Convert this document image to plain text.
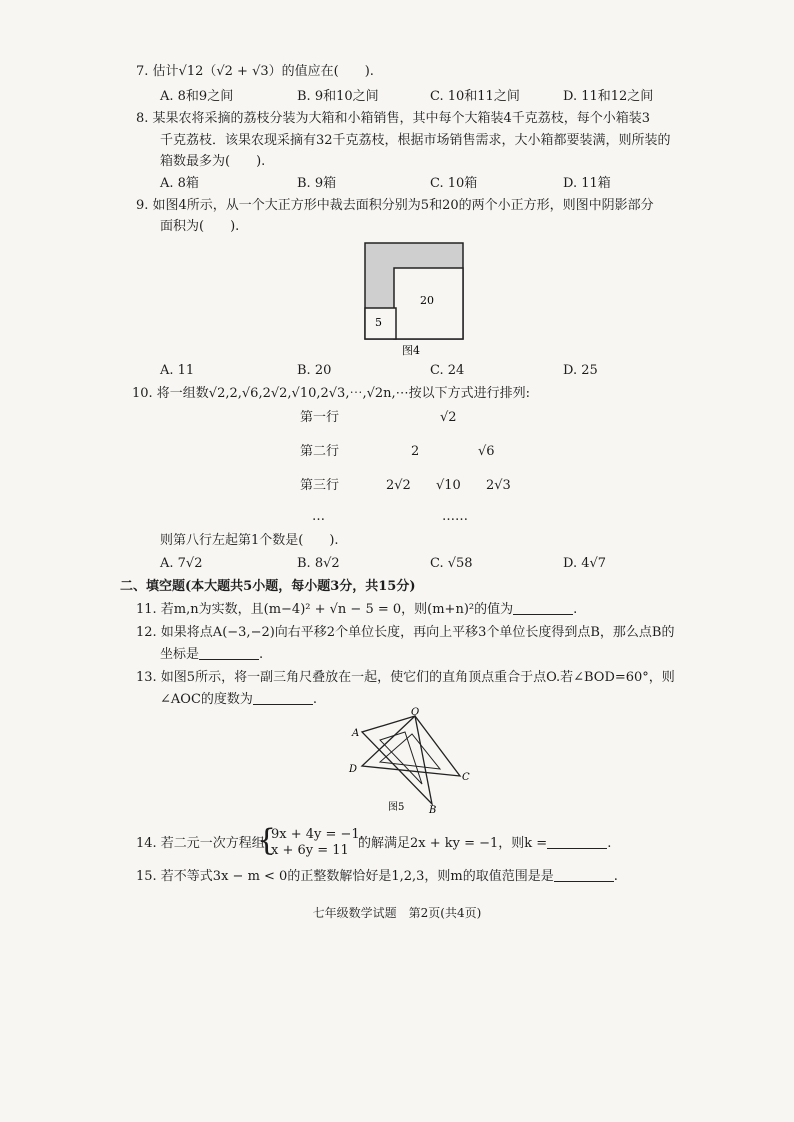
7. 估计√12（√2 + √3）的值应在(　　).
A. 8和9之间	B. 9和10之间	C. 10和11之间	D. 11和12之间
8. 某果农将采摘的荔枝分装为大箱和小箱销售，其中每个大箱装4千克荔枝，每个小箱装3
千克荔枝．该果农现采摘有32千克荔枝，根据市场销售需求，大小箱都要装满，则所装的
箱数最多为(　　).
A. 8箱	B. 9箱	C. 10箱	D. 11箱
9. 如图4所示，从一个大正方形中裁去面积分别为5和20的两个小正方形，则图中阴影部分
面积为(　　).
5
20
图4
A. 11	B. 20	C. 24	D. 25
10. 将一组数√2,2,√6,2√2,√10,2√3,⋯,√2n,⋯按以下方式进行排列:
第一行	√2
第二行	2	√6
第三行	2√2 √10 2√3
…	……
则第八行左起第1个数是(　　).
A. 7√2	B. 8√2	C. √58	D. 4√7
二、填空题(本大题共5小题，每小题3分，共15分)
11. 若m,n为实数，且(m−4)² + √n − 5 = 0，则(m+n)²的值为	.
12. 如果将点A(−3,−2)向右平移2个单位长度，再向上平移3个单位长度得到点B，那么点B的
坐标是	.
13. 如图5所示，将一副三角尺叠放在一起，使它们的直角顶点重合于点O.若∠BOD=60°，则
∠AOC的度数为	.
O
A
D
C
B
图5
14. 若二元一次方程组
{
9x + 4y = −1,
x + 6y = 11 的解满足2x + ky = −1，则k =	.
15. 若不等式3x − m < 0的正整数解恰好是1,2,3，则m的取值范围是是	.
七年级数学试题　第2页(共4页)
